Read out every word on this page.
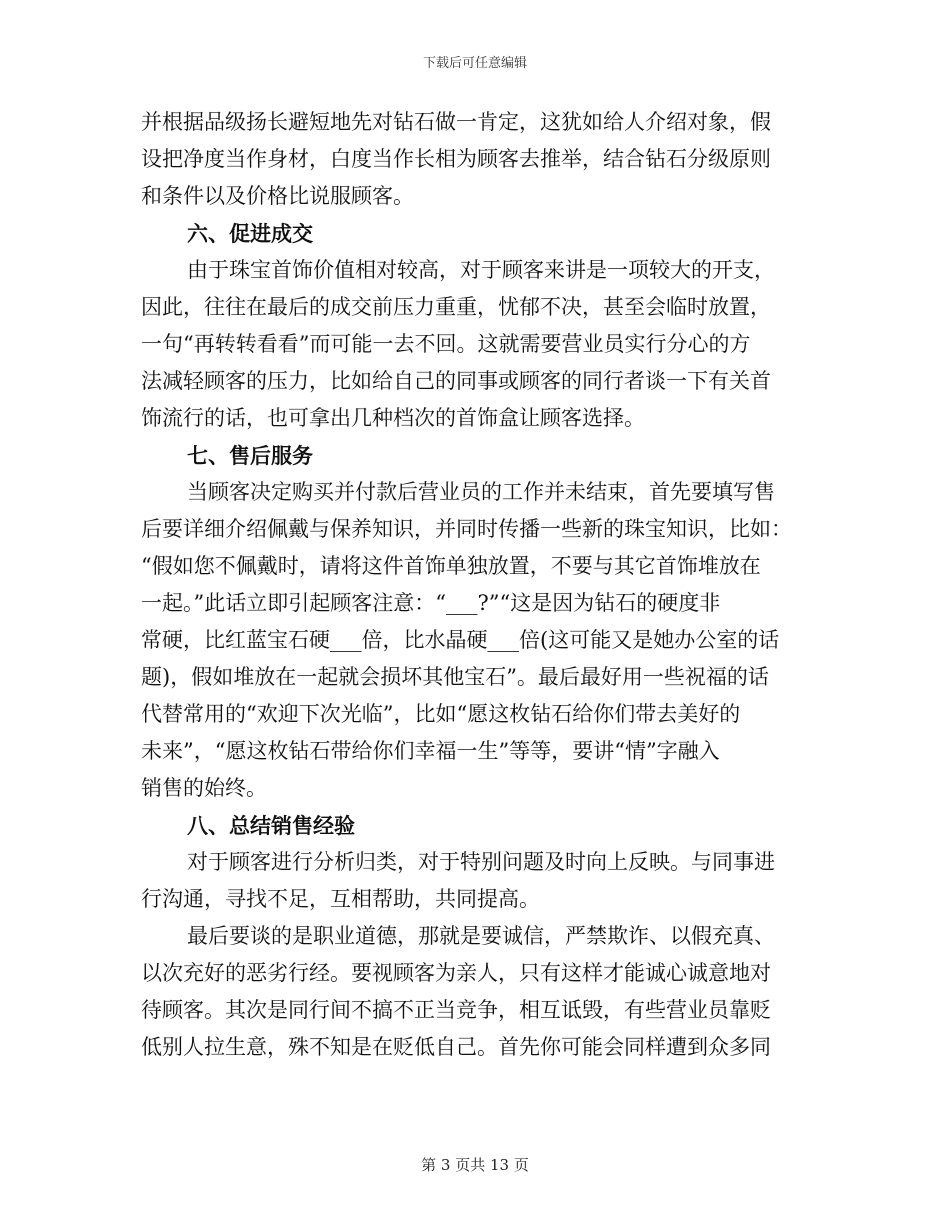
下载后可任意编辑
并根据品级扬长避短地先对钻石做一肯定，这犹如给人介绍对象，假
设把净度当作身材，白度当作长相为顾客去推举，结合钻石分级原则
和条件以及价格比说服顾客。
六、促进成交
由于珠宝首饰价值相对较高，对于顾客来讲是一项较大的开支，
因此，往往在最后的成交前压力重重，忧郁不决，甚至会临时放置，
一句“再转转看看”而可能一去不回。这就需要营业员实行分心的方
法减轻顾客的压力，比如给自己的同事或顾客的同行者谈一下有关首
饰流行的话，也可拿出几种档次的首饰盒让顾客选择。
七、售后服务
当顾客决定购买并付款后营业员的工作并未结束，首先要填写售
后要详细介绍佩戴与保养知识，并同时传播一些新的珠宝知识，比如：
“假如您不佩戴时，请将这件首饰单独放置，不要与其它首饰堆放在
一起。”此话立即引起顾客注意：“___?”“这是因为钻石的硬度非
常硬，比红蓝宝石硬___倍，比水晶硬___倍(这可能又是她办公室的话
题)，假如堆放在一起就会损坏其他宝石”。最后最好用一些祝福的话
代替常用的“欢迎下次光临”，比如“愿这枚钻石给你们带去美好的
未来”，“愿这枚钻石带给你们幸福一生”等等，要讲“情”字融入
销售的始终。
八、总结销售经验
对于顾客进行分析归类，对于特别问题及时向上反映。与同事进
行沟通，寻找不足，互相帮助，共同提高。
最后要谈的是职业道德，那就是要诚信，严禁欺诈、以假充真、
以次充好的恶劣行经。要视顾客为亲人，只有这样才能诚心诚意地对
待顾客。其次是同行间不搞不正当竞争，相互诋毁，有些营业员靠贬
低别人拉生意，殊不知是在贬低自己。首先你可能会同样遭到众多同
第 3 页共 13 页
